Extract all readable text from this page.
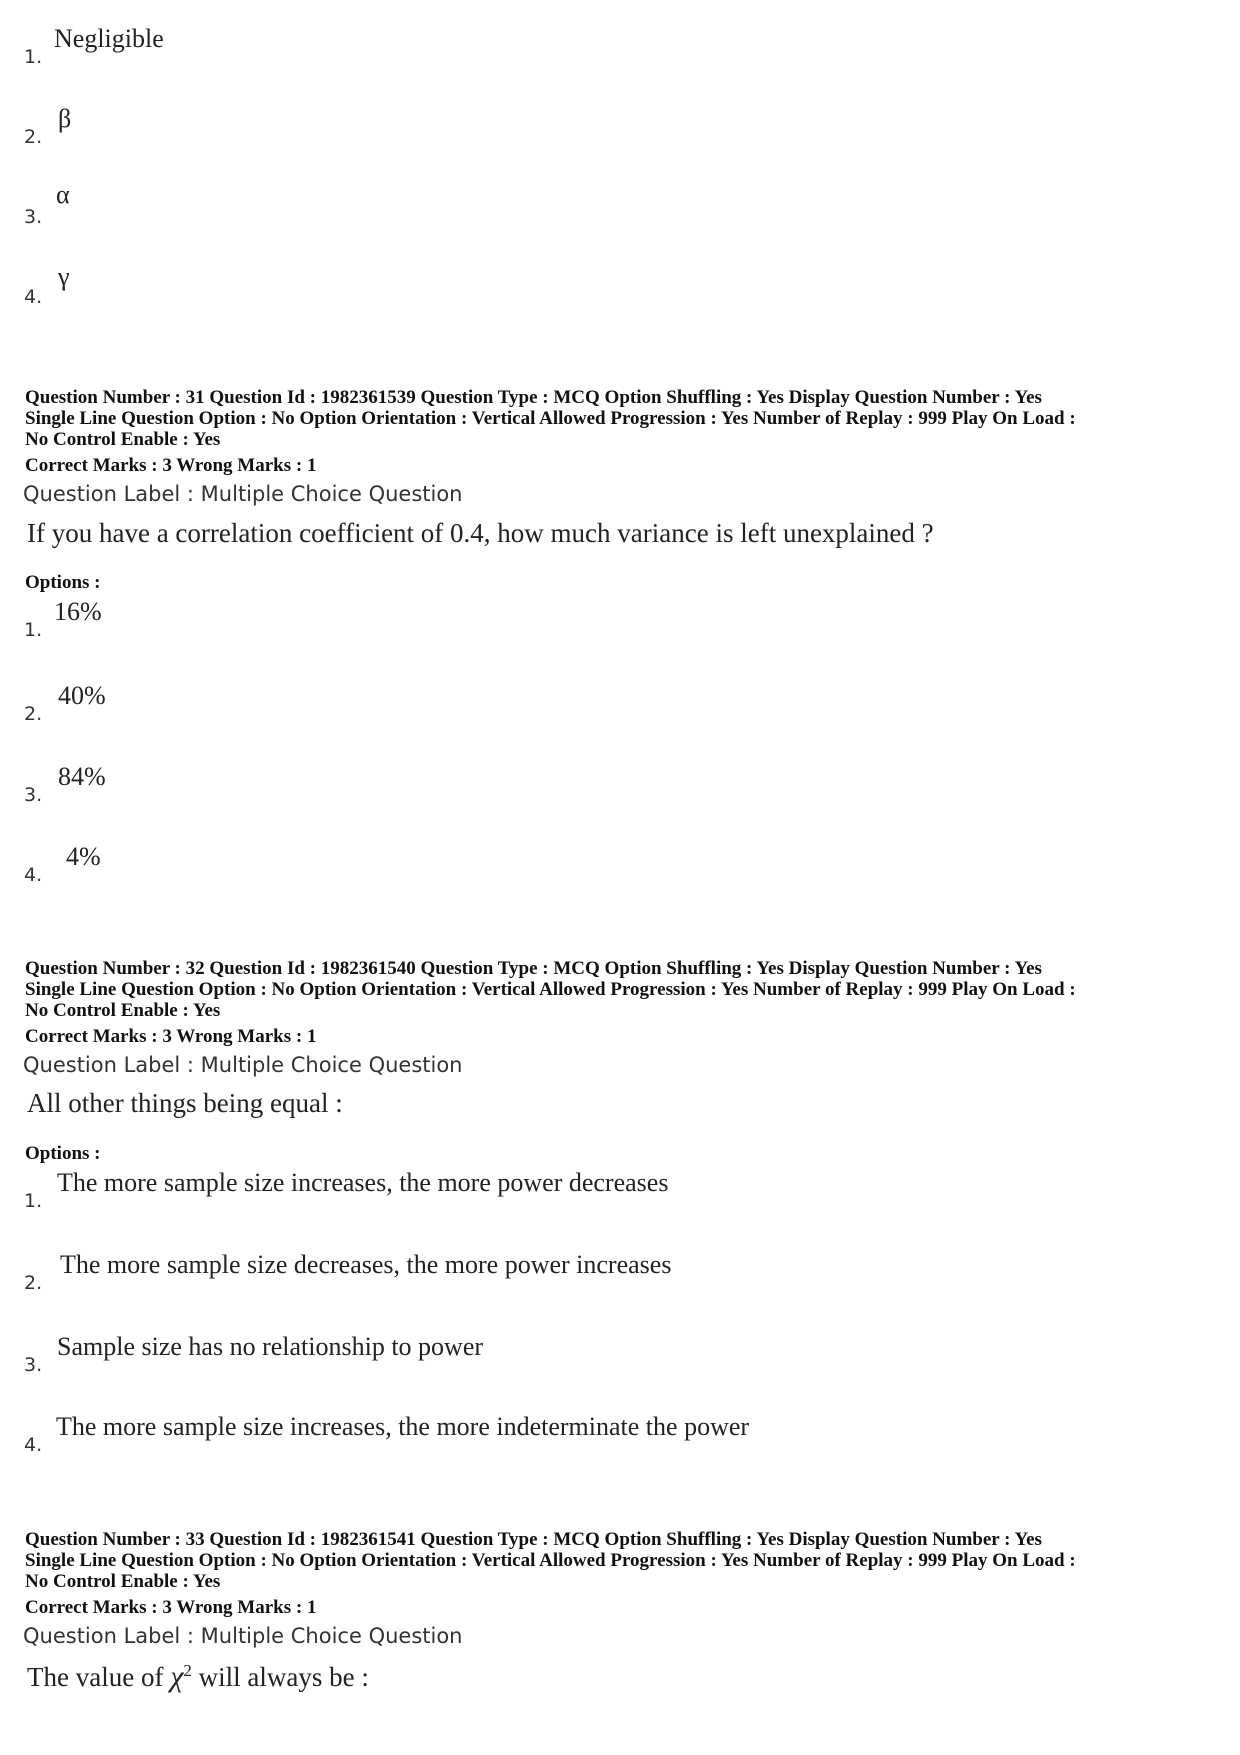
1.
Negligible
2.
β
3.
α
4.
γ
Question Number : 31 Question Id : 1982361539 Question Type : MCQ Option Shuffling : Yes Display Question Number : Yes
Single Line Question Option : No Option Orientation : Vertical Allowed Progression : Yes Number of Replay : 999 Play On Load :
No Control Enable : Yes
Correct Marks : 3 Wrong Marks : 1
Question Label : Multiple Choice Question
If you have a correlation coefficient of 0.4, how much variance is left unexplained ?
Options :
1.
16%
2.
40%
3.
84%
4.
4%
Question Number : 32 Question Id : 1982361540 Question Type : MCQ Option Shuffling : Yes Display Question Number : Yes
Single Line Question Option : No Option Orientation : Vertical Allowed Progression : Yes Number of Replay : 999 Play On Load :
No Control Enable : Yes
Correct Marks : 3 Wrong Marks : 1
Question Label : Multiple Choice Question
All other things being equal :
Options :
1.
The more sample size increases, the more power decreases
2.
The more sample size decreases, the more power increases
3.
Sample size has no relationship to power
4.
The more sample size increases, the more indeterminate the power
Question Number : 33 Question Id : 1982361541 Question Type : MCQ Option Shuffling : Yes Display Question Number : Yes
Single Line Question Option : No Option Orientation : Vertical Allowed Progression : Yes Number of Replay : 999 Play On Load :
No Control Enable : Yes
Correct Marks : 3 Wrong Marks : 1
Question Label : Multiple Choice Question
The value of $\chi^2$ will always be :
